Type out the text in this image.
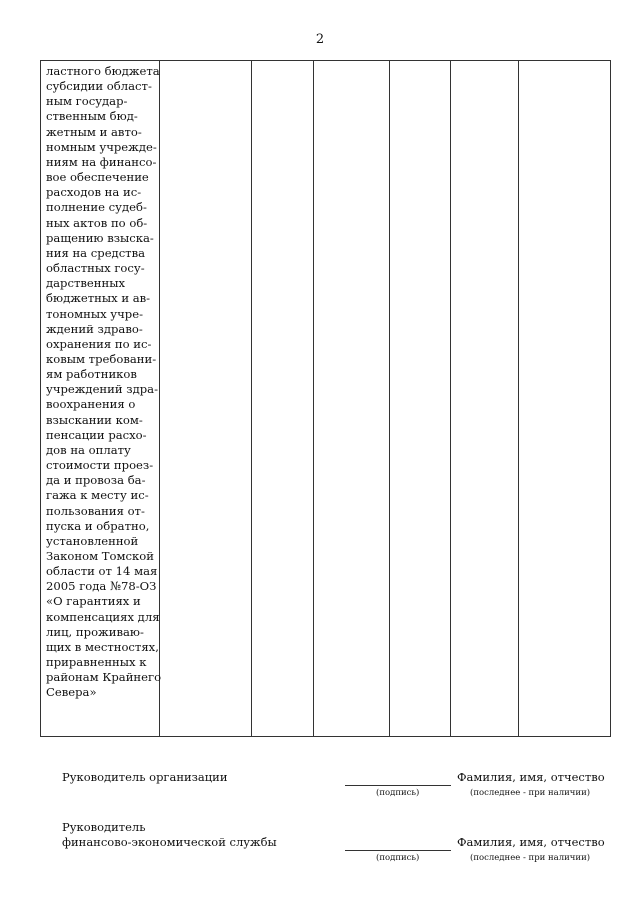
2
ластного бюджета
субсидии област-
ным государ-
ственным бюд-
жетным и авто-
номным учрежде-
ниям на финансо-
вое обеспечение
расходов на ис-
полнение судеб-
ных актов по об-
ращению взыска-
ния на средства
областных госу-
дарственных
бюджетных и ав-
тономных учре-
ждений здраво-
охранения по ис-
ковым требовани-
ям работников
учреждений здра-
воохранения о
взыскании ком-
пенсации расхо-
дов на оплату
стоимости проез-
да и провоза ба-
гажа к месту ис-
пользования от-
пуска и обратно,
установленной
Законом Томской
области от 14 мая
2005 года №78-ОЗ
«О гарантиях и
компенсациях для
лиц, проживаю-
щих в местностях,
приравненных к
районам Крайнего
Севера»

Руководитель организации
(подпись)
Фамилия, имя, отчество
(последнее - при наличии)
Руководитель
финансово-экономической службы
(подпись)
Фамилия, имя, отчество
(последнее - при наличии)
